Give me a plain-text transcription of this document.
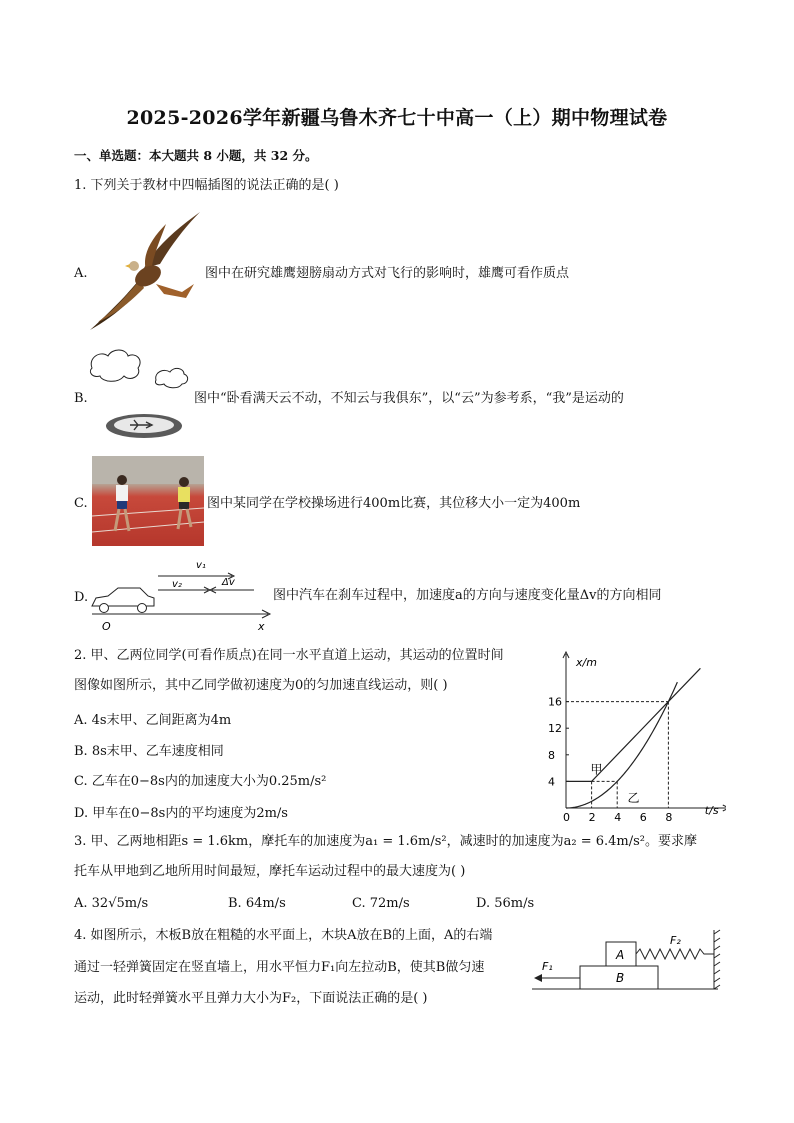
2025-2026学年新疆乌鲁木齐七十中高一（上）期中物理试卷
一、单选题：本大题共 8 小题，共 32 分。
1. 下列关于教材中四幅插图的说法正确的是( )
A.	图中在研究雄鹰翅膀扇动方式对飞行的影响时，雄鹰可看作质点
B.	图中“卧看满天云不动，不知云与我俱东”，以“云”为参考系，“我”是运动的
C.	图中某同学在学校操场进行400m比赛，其位移大小一定为400m
D.
v₁
v₂	Δv
O	x
图中汽车在刹车过程中，加速度a的方向与速度变化量Δv的方向相同
2. 甲、乙两位同学(可看作质点)在同一水平直道上运动，其运动的位置时间
图像如图所示，其中乙同学做初速度为0的匀加速直线运动，则( )
A. 4s末甲、乙间距离为4m
B. 8s末甲、乙车速度相同
C. 乙车在0−8s内的加速度大小为0.25m/s²
D. 甲车在0−8s内的平均速度为2m/s
x/m
t/s
0 2 4 6 8
4
8
12
16
甲
乙
3. 甲、乙两地相距s = 1.6km，摩托车的加速度为a₁ = 1.6m/s²，减速时的加速度为a₂ = 6.4m/s²。要求摩
托车从甲地到乙地所用时间最短，摩托车运动过程中的最大速度为( )
A. 32√5m/s	B. 64m/s	C. 72m/s	D. 56m/s
4. 如图所示，木板B放在粗糙的水平面上，木块A放在B的上面，A的右端
通过一轻弹簧固定在竖直墙上，用水平恒力F₁向左拉动B，使其B做匀速
运动，此时轻弹簧水平且弹力大小为F₂，下面说法正确的是( )
A
B
F₁
F₂
